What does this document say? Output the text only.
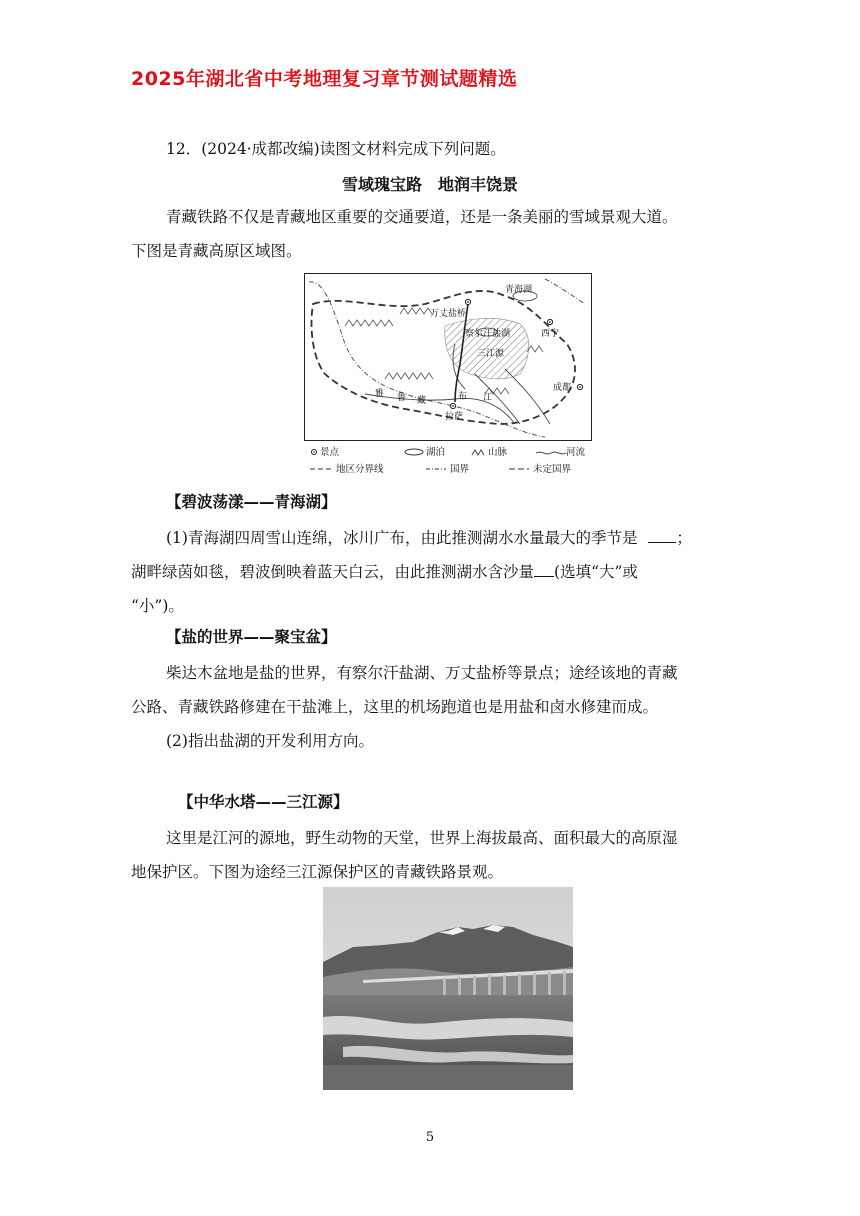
2025年湖北省中考地理复习章节测试题精选
12．(2024·成都改编)读图文材料完成下列问题。
雪域瑰宝路　地润丰饶景
青藏铁路不仅是青藏地区重要的交通要道，还是一条美丽的雪域景观大道。
下图是青藏高原区域图。
万丈盐桥
青海湖
察尔汗盐湖	西宁
三江源
成都
拉萨
雅 鲁 藏	布 江
景点	湖泊	山脉	河流
地区分界线	国界	未定国界
【碧波荡漾——青海湖】
(1)青海湖四周雪山连绵，冰川广布，由此推测湖水水量最大的季节是	；
湖畔绿茵如毯，碧波倒映着蓝天白云，由此推测湖水含沙量 (选填“大”或
“小”)。
【盐的世界——聚宝盆】
柴达木盆地是盐的世界，有察尔汗盐湖、万丈盐桥等景点；途经该地的青藏
公路、青藏铁路修建在干盐滩上，这里的机场跑道也是用盐和卤水修建而成。
(2)指出盐湖的开发利用方向。
【中华水塔——三江源】
这里是江河的源地，野生动物的天堂，世界上海拔最高、面积最大的高原湿
地保护区。下图为途经三江源保护区的青藏铁路景观。
5
